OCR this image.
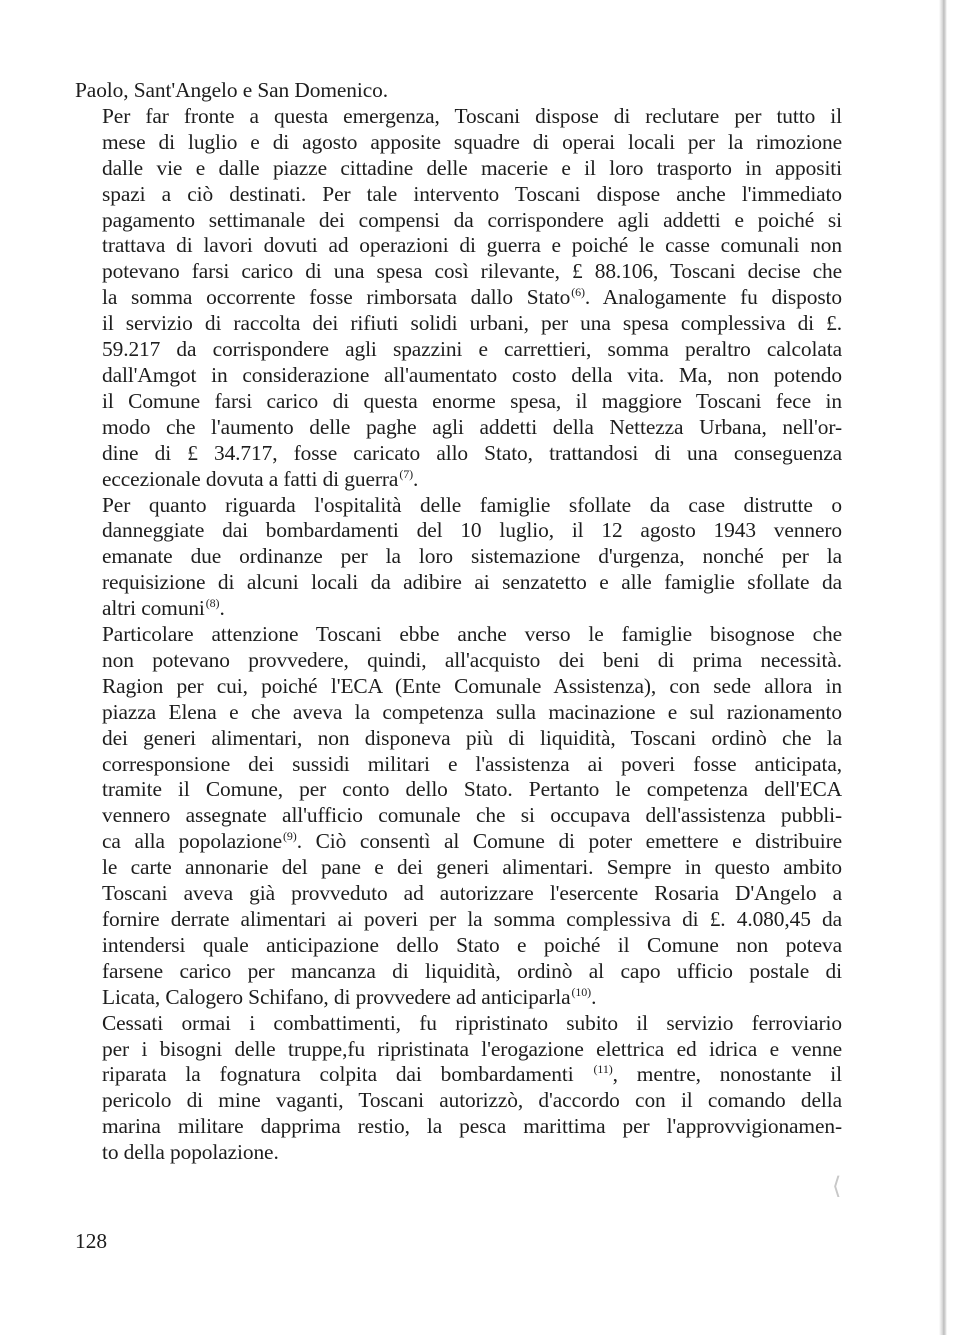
Paolo, Sant'Angelo e San Domenico.

Per far fronte a questa emergenza, Toscani dispose di reclutare per tutto il
mese di luglio e di agosto apposite squadre di operai locali per la rimozione
dalle vie e dalle piazze cittadine delle macerie e il loro trasporto in appositi
spazi a ciò destinati. Per tale intervento Toscani dispose anche l'immediato
pagamento settimanale dei compensi da corrispondere agli addetti e poiché si
trattava di lavori dovuti ad operazioni di guerra e poiché le casse comunali non
potevano farsi carico di una spesa così rilevante, £ 88.106, Toscani decise che
la somma occorrente fosse rimborsata dallo Stato$^{(6)}$. Analogamente fu disposto
il servizio di raccolta dei rifiuti solidi urbani, per una spesa complessiva di £.
59.217 da corrispondere agli spazzini e carrettieri, somma peraltro calcolata
dall'Amgot in considerazione all'aumentato costo della vita. Ma, non potendo
il Comune farsi carico di questa enorme spesa, il maggiore Toscani fece in
modo che l'aumento delle paghe agli addetti della Nettezza Urbana, nell'or-
dine di £ 34.717, fosse caricato allo Stato, trattandosi di una conseguenza
eccezionale dovuta a fatti di guerra$^{(7)}$.

Per quanto riguarda l'ospitalità delle famiglie sfollate da case distrutte o
danneggiate dai bombardamenti del 10 luglio, il 12 agosto 1943 vennero
emanate due ordinanze per la loro sistemazione d'urgenza, nonché per la
requisizione di alcuni locali da adibire ai senzatetto e alle famiglie sfollate da
altri comuni$^{(8)}$.

Particolare attenzione Toscani ebbe anche verso le famiglie bisognose che
non potevano provvedere, quindi, all'acquisto dei beni di prima necessità.
Ragion per cui, poiché l'ECA (Ente Comunale Assistenza), con sede allora in
piazza Elena e che aveva la competenza sulla macinazione e sul razionamento
dei generi alimentari, non disponeva più di liquidità, Toscani ordinò che la
corresponsione dei sussidi militari e l'assistenza ai poveri fosse anticipata,
tramite il Comune, per conto dello Stato. Pertanto le competenza dell'ECA
vennero assegnate all'ufficio comunale che si occupava dell'assistenza pubbli-
ca alla popolazione$^{(9)}$. Ciò consentì al Comune di poter emettere e distribuire
le carte annonarie del pane e dei generi alimentari. Sempre in questo ambito
Toscani aveva già provveduto ad autorizzare l'esercente Rosaria D'Angelo a
fornire derrate alimentari ai poveri per la somma complessiva di £. 4.080,45 da
intendersi quale anticipazione dello Stato e poiché il Comune non poteva
farsene carico per mancanza di liquidità, ordinò al capo ufficio postale di
Licata, Calogero Schifano, di provvedere ad anticiparla$^{(10)}$.

Cessati ormai i combattimenti, fu ripristinato subito il servizio ferroviario
per i bisogni delle truppe,fu ripristinata l'erogazione elettrica ed idrica e venne
riparata la fognatura colpita dai bombardamenti $^{(11)}$, mentre, nonostante il
pericolo di mine vaganti, Toscani autorizzò, d'accordo con il comando della
marina militare dapprima restio, la pesca marittima per l'approvvigionamen-
to della popolazione.

⟨
128
